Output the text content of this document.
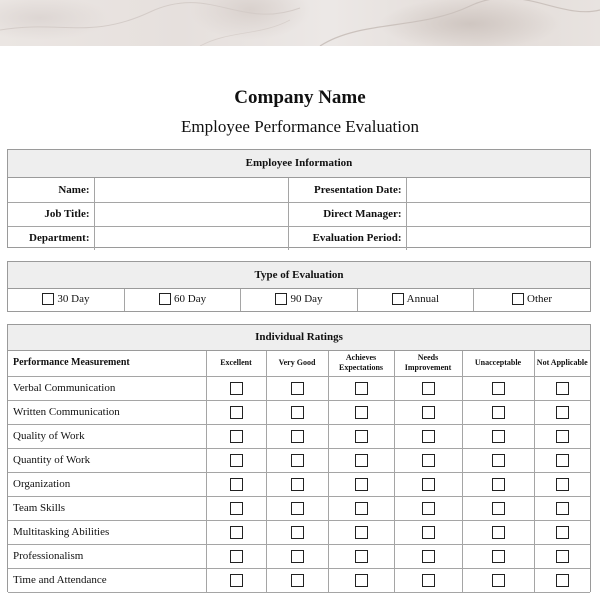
Company Name
Employee Performance Evaluation
Employee Information
Name:		Presentation Date:	
Job Title:		Direct Manager:	
Department:		Evaluation Period:	
Type of Evaluation
30 Day	60 Day	90 Day	Annual	Other
Individual Ratings
Performance Measurement	Excellent	Very Good	Achieves Expectations	Needs Improvement	Unacceptable	Not Applicable
Verbal Communication						
Written Communication						
Quality of Work						
Quantity of Work						
Organization						
Team Skills						
Multitasking Abilities						
Professionalism						
Time and Attendance						
